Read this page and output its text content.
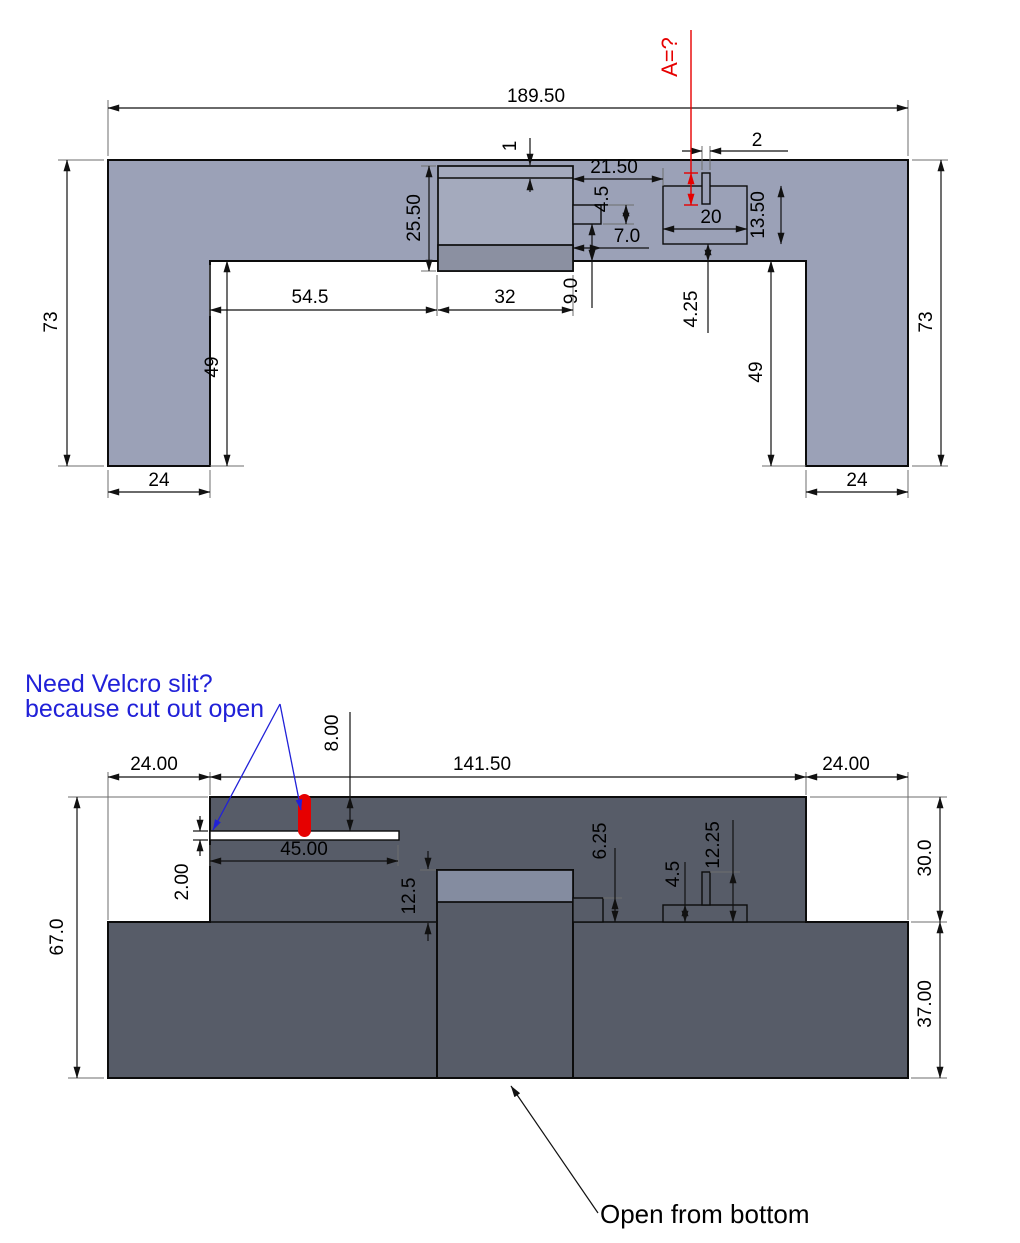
189.50
73	73
24	24
54.5	32
49	49
25.50
1
21.50
4.5
7.0
9.0	4.25
20 13.50
2
A=?
24.00	141.50	24.00
8.00
45.00
2.00
67.0
12.5
6.25
4.5
12.25	30.0
37.00
Need Velcro slit?
because cut out open
Open from bottom
